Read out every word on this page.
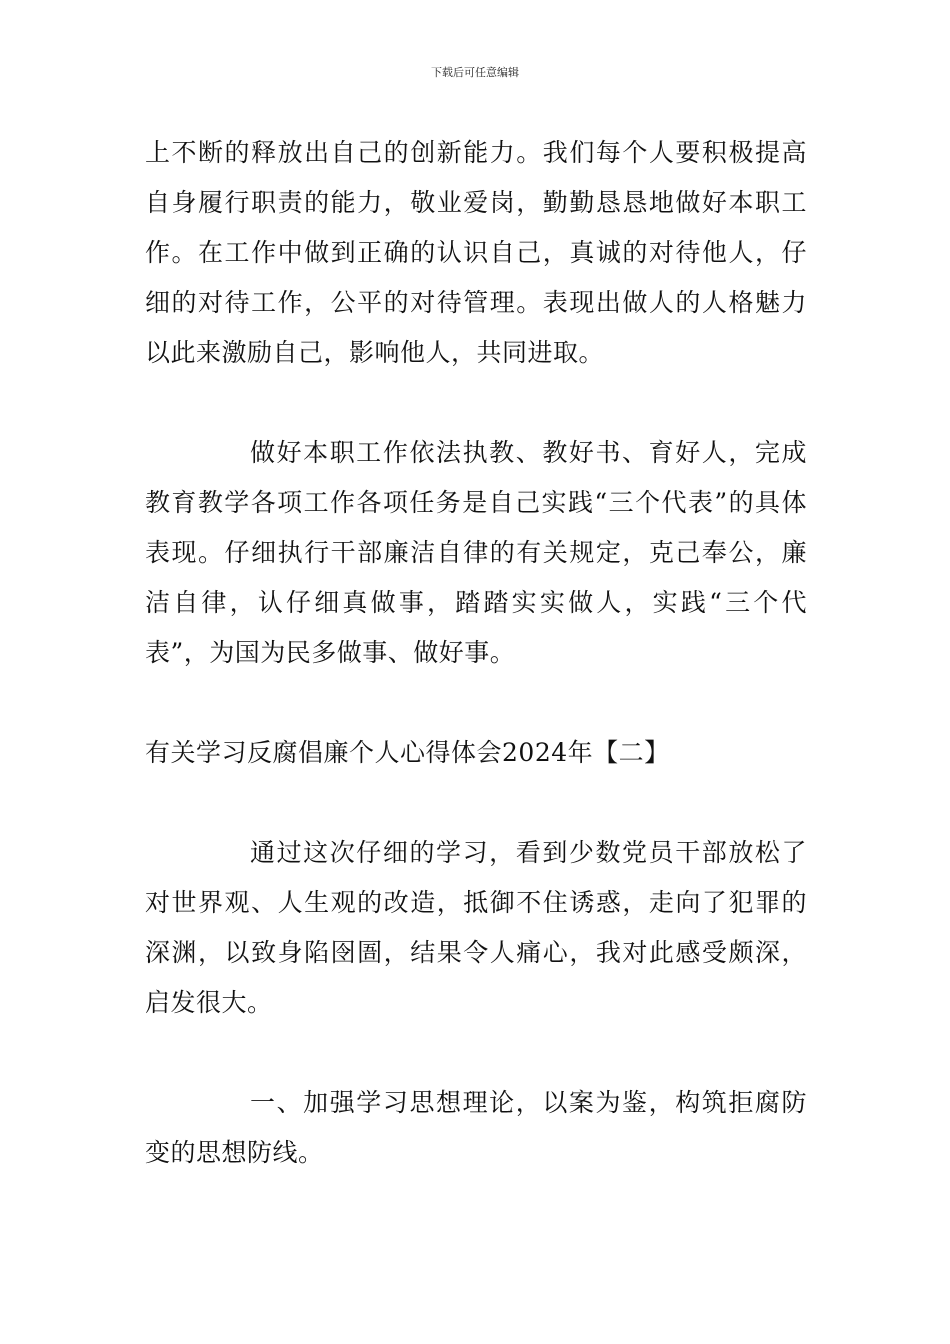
下载后可任意编辑

上不断的释放出自己的创新能力。我们每个人要积极提高自身履行职责的能力，敬业爱岗，勤勤恳恳地做好本职工作。在工作中做到正确的认识自己，真诚的对待他人，仔细的对待工作，公平的对待管理。表现出做人的人格魅力以此来激励自己，影响他人，共同进取。

做好本职工作依法执教、教好书、育好人，完成教育教学各项工作各项任务是自己实践“三个代表”的具体表现。仔细执行干部廉洁自律的有关规定，克己奉公，廉洁自律，认仔细真做事，踏踏实实做人，实践“三个代表”，为国为民多做事、做好事。

有关学习反腐倡廉个人心得体会2024年【二】

通过这次仔细的学习，看到少数党员干部放松了对世界观、人生观的改造，抵御不住诱惑，走向了犯罪的深渊，以致身陷囹圄，结果令人痛心，我对此感受颇深，启发很大。

一、加强学习思想理论，以案为鉴，构筑拒腐防变的思想防线。
